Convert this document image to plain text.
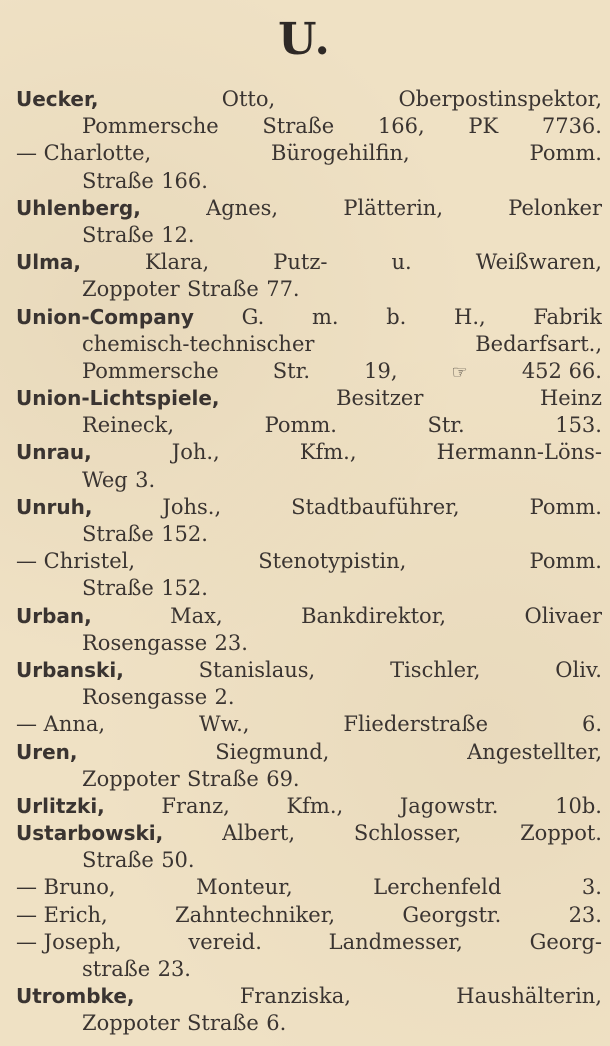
U.
Uecker,	Otto,	Oberpostinspektor,
Pommersche Straße 166, PK 7736.
— Charlotte,	Bürogehilfin,	Pomm.
Straße 166.
Uhlenberg,	Agnes,	Plätterin,	Pelonker
Straße 12.
Ulma,	Klara,	Putz-	u.	Weißwaren,
Zoppoter Straße 77.
Union-Company G. m. b. H., Fabrik
chemisch-technischer	Bedarfsart.,
Pommersche	Str.	19,	☞	452 66.
Union-Lichtspiele,	Besitzer	Heinz
Reineck,	Pomm.	Str.	153.
Unrau,	Joh.,	Kfm.,	Hermann-Löns-
Weg 3.
Unruh,	Johs.,	Stadtbauführer,	Pomm.
Straße 152.
— Christel,	Stenotypistin,	Pomm.
Straße 152.
Urban,	Max,	Bankdirektor,	Olivaer
Rosengasse 23.
Urbanski,	Stanislaus,	Tischler,	Oliv.
Rosengasse 2.
— Anna,	Ww.,	Fliederstraße	6.
Uren,	Siegmund,	Angestellter,
Zoppoter Straße 69.
Urlitzki,	Franz,	Kfm.,	Jagowstr.	10b.
Ustarbowski,	Albert,	Schlosser,	Zoppot.
Straße 50.
— Bruno,	Monteur,	Lerchenfeld	3.
— Erich,	Zahntechniker,	Georgstr.	23.
— Joseph,	vereid.	Landmesser,	Georg-
straße 23.
Utrombke,	Franziska,	Haushälterin,
Zoppoter Straße 6.
